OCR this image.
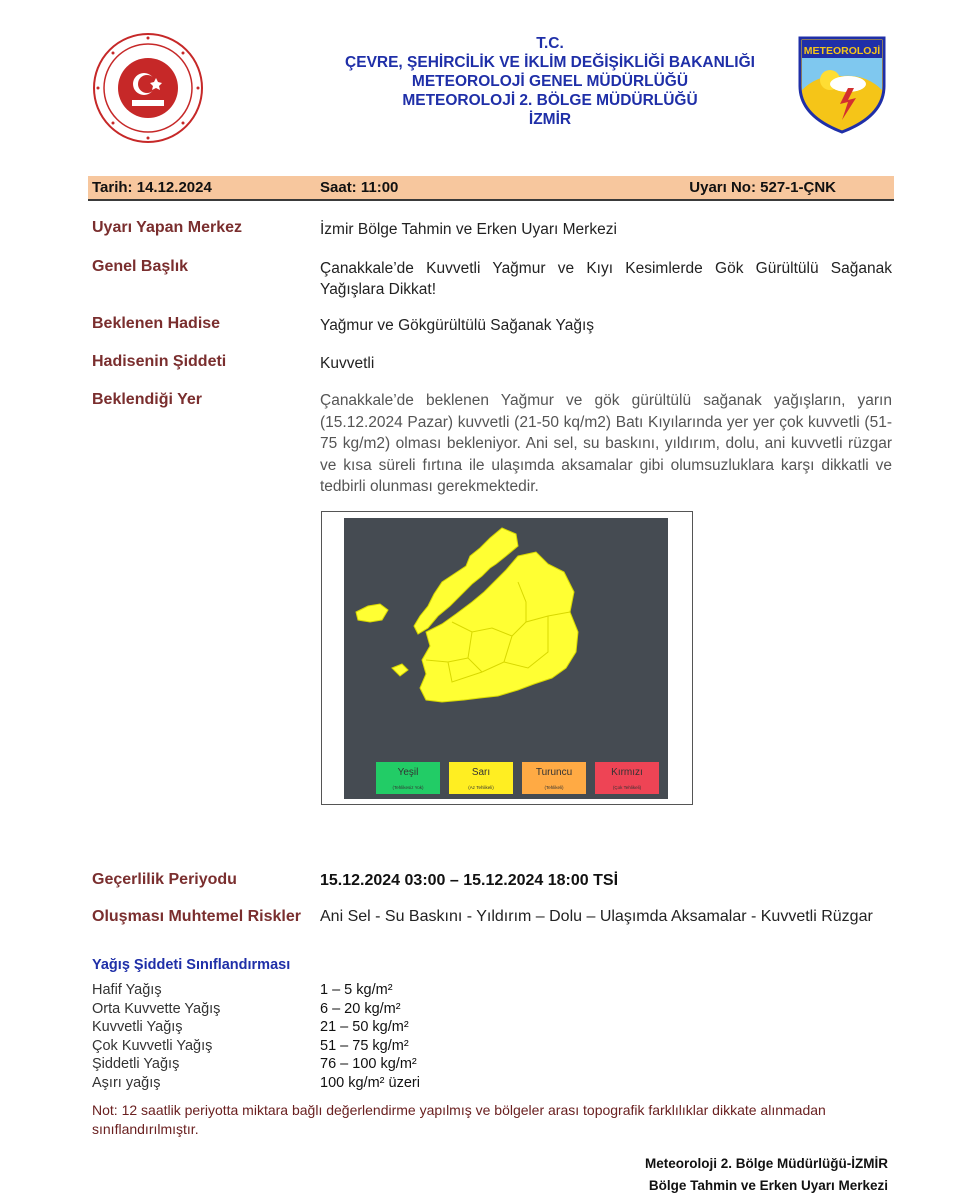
T.C.
ÇEVRE, ŞEHİRCİLİK VE İKLİM DEĞİŞİKLİĞİ BAKANLIĞI
METEOROLOJİ GENEL MÜDÜRLÜĞÜ
METEOROLOJİ 2. BÖLGE MÜDÜRLÜĞÜ
İZMİR
METEOROLOJİ
Tarih: 14.12.2024	Saat: 11:00	Uyarı No: 527-1-ÇNK
Uyarı Yapan Merkez	İzmir Bölge Tahmin ve Erken Uyarı Merkezi
Genel Başlık	Çanakkale’de Kuvvetli Yağmur ve Kıyı Kesimlerde Gök Gürültülü Sağanak Yağışlara Dikkat!
Beklenen Hadise	Yağmur ve Gökgürültülü Sağanak Yağış
Hadisenin Şiddeti	Kuvvetli
Beklendiği Yer	Çanakkale’de beklenen Yağmur ve gök gürültülü sağanak yağışların, yarın (15.12.2024 Pazar) kuvvetli (21-50 kq/m2) Batı Kıyılarında yer yer çok kuvvetli (51-75 kg/m2) olması bekleniyor. Ani sel, su baskını, yıldırım, dolu, ani kuvvetli rüzgar ve kısa süreli fırtına ile ulaşımda aksamalar gibi olumsuzluklara karşı dikkatli ve tedbirli olunması gerekmektedir.
Yeşil
(Tehlikesiz Yok)
Sarı
(Az Tehlikeli)
Turuncu
(Tehlikeli)
Kırmızı
(Çok Tehlikeli)
Geçerlilik Periyodu	15.12.2024 03:00 – 15.12.2024 18:00 TSİ
Oluşması Muhtemel Riskler Ani Sel - Su Baskını - Yıldırım – Dolu – Ulaşımda Aksamalar - Kuvvetli Rüzgar
Yağış Şiddeti Sınıflandırması
Hafif Yağış	1 – 5 kg/m²
Orta Kuvvette Yağış	6 – 20 kg/m²
Kuvvetli Yağış	21 – 50 kg/m²
Çok Kuvvetli Yağış	51 – 75 kg/m²
Şiddetli Yağış	76 – 100 kg/m²
Aşırı yağış	100 kg/m² üzeri
Not: 12 saatlik periyotta miktara bağlı değerlendirme yapılmış ve bölgeler arası topografik farklılıklar dikkate alınmadan sınıflandırılmıştır.
Meteoroloji 2. Bölge Müdürlüğü-İZMİR
Bölge Tahmin ve Erken Uyarı Merkezi
